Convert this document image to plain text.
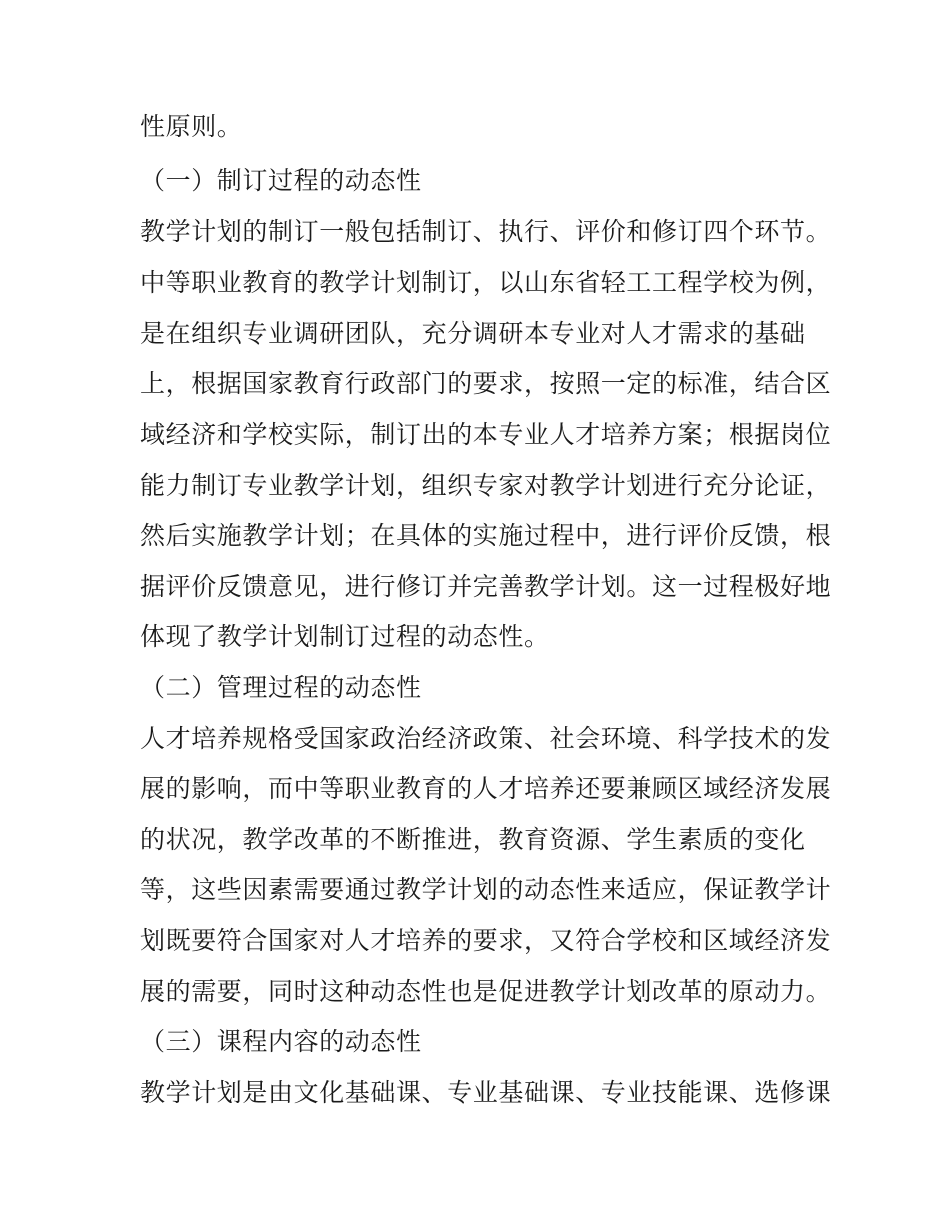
性原则。
（一）制订过程的动态性
教学计划的制订一般包括制订、执行、评价和修订四个环节。
中等职业教育的教学计划制订，以山东省轻工工程学校为例，
是在组织专业调研团队，充分调研本专业对人才需求的基础
上，根据国家教育行政部门的要求，按照一定的标准，结合区
域经济和学校实际，制订出的本专业人才培养方案；根据岗位
能力制订专业教学计划，组织专家对教学计划进行充分论证，
然后实施教学计划；在具体的实施过程中，进行评价反馈，根
据评价反馈意见，进行修订并完善教学计划。这一过程极好地
体现了教学计划制订过程的动态性。
（二）管理过程的动态性
人才培养规格受国家政治经济政策、社会环境、科学技术的发
展的影响，而中等职业教育的人才培养还要兼顾区域经济发展
的状况，教学改革的不断推进，教育资源、学生素质的变化
等，这些因素需要通过教学计划的动态性来适应，保证教学计
划既要符合国家对人才培养的要求，又符合学校和区域经济发
展的需要，同时这种动态性也是促进教学计划改革的原动力。
（三）课程内容的动态性
教学计划是由文化基础课、专业基础课、专业技能课、选修课
